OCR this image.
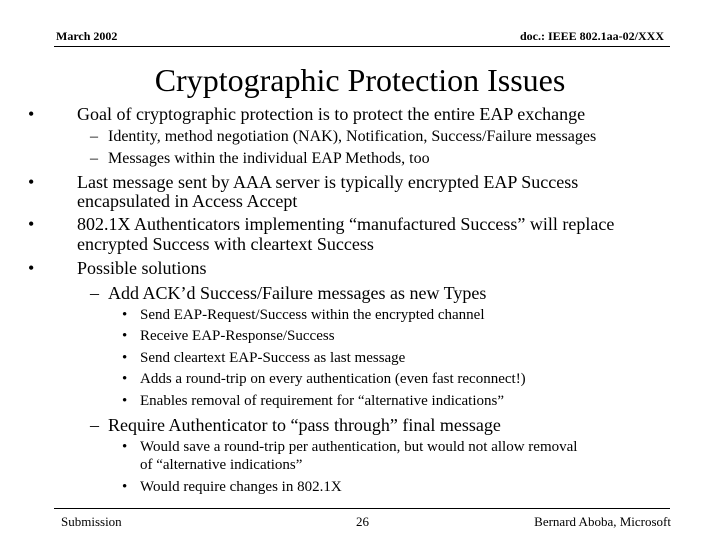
March 2002	doc.: IEEE 802.1aa-02/XXX
Cryptographic Protection Issues
• Goal of cryptographic protection is to protect the entire EAP exchange
– Identity, method negotiation (NAK), Notification, Success/Failure messages
– Messages within the individual EAP Methods, too
• Last message sent by AAA server is typically encrypted EAP Success
encapsulated in Access Accept
• 802.1X Authenticators implementing “manufactured Success” will replace
encrypted Success with cleartext Success
• Possible solutions
– Add ACK’d Success/Failure messages as new Types
• Send EAP-Request/Success within the encrypted channel
• Receive EAP-Response/Success
• Send cleartext EAP-Success as last message
• Adds a round-trip on every authentication (even fast reconnect!)
• Enables removal of requirement for “alternative indications”
– Require Authenticator to “pass through” final message
• Would save a round-trip per authentication, but would not allow removal
of “alternative indications”
• Would require changes in 802.1X
Submission	26	Bernard Aboba, Microsoft
